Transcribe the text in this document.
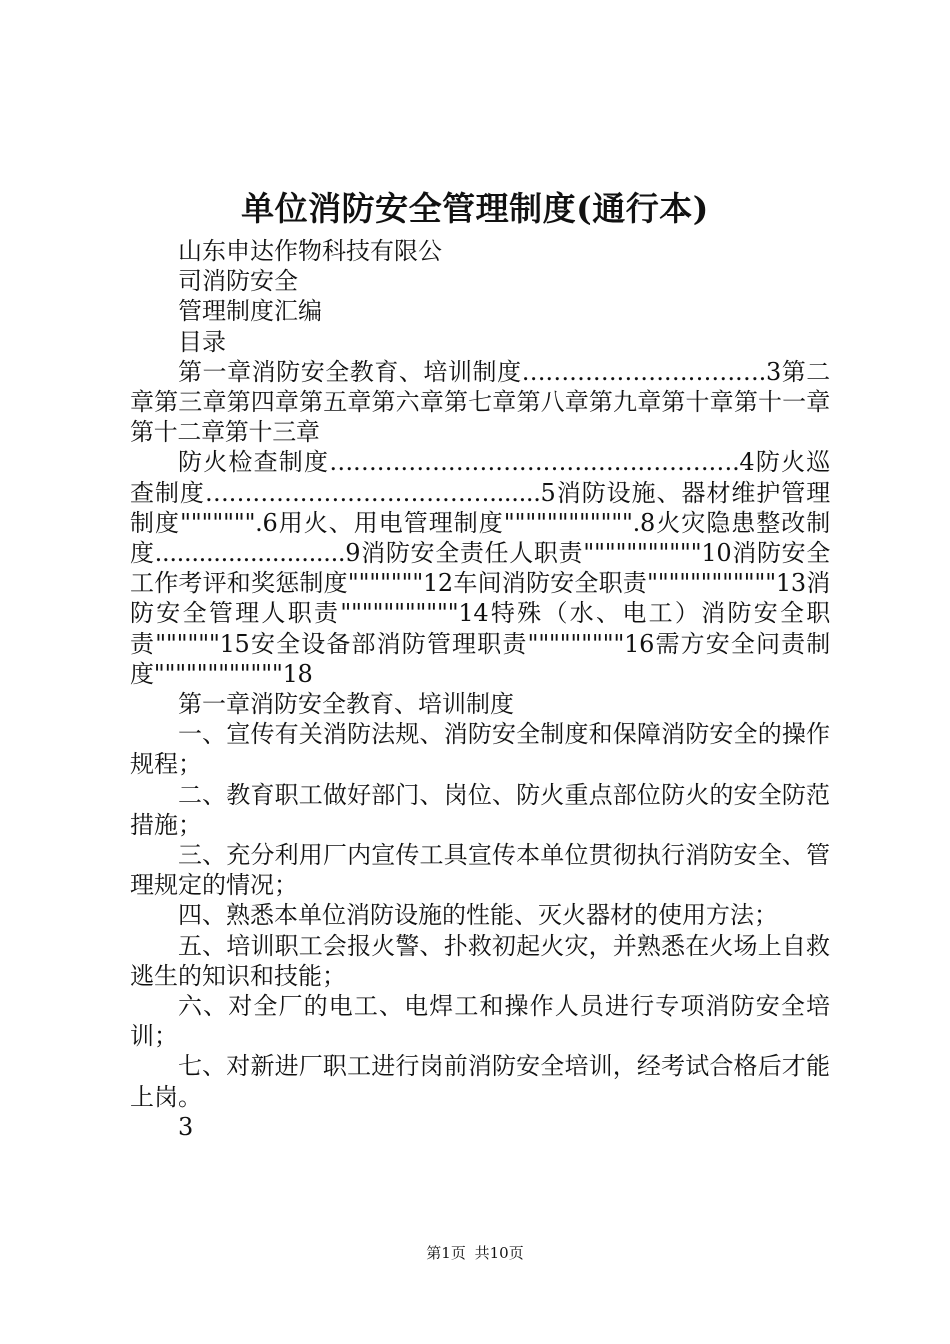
单位消防安全管理制度(通行本)

山东申达作物科技有限公

司消防安全

管理制度汇编

目录

第一章消防安全教育、培训制度………………………….3第二章第三章第四章第五章第六章第七章第八章第九章第十章第十一章第十二章第十三章

防火检查制度…………………………………………….4防火巡查制度……………………………….......5消防设施、器材维护管理制度""""""".6用火、用电管理制度"""""""""""".8火灾隐患整改制度..........................9消防安全责任人职责"""""""""""10消防安全工作考评和奖惩制度"""""""12车间消防安全职责""""""""""""13消防安全管理人职责"""""""""""14特殊（水、电工）消防安全职责""""""15安全设备部消防管理职责"""""""""16需方安全问责制度""""""""""""18

第一章消防安全教育、培训制度

一、宣传有关消防法规、消防安全制度和保障消防安全的操作规程；

二、教育职工做好部门、岗位、防火重点部位防火的安全防范措施；

三、充分利用厂内宣传工具宣传本单位贯彻执行消防安全、管理规定的情况；

四、熟悉本单位消防设施的性能、灭火器材的使用方法；

五、培训职工会报火警、扑救初起火灾，并熟悉在火场上自救逃生的知识和技能；

六、对全厂的电工、电焊工和操作人员进行专项消防安全培训；

七、对新进厂职工进行岗前消防安全培训，经考试合格后才能上岗。

3

第1页 共10页
